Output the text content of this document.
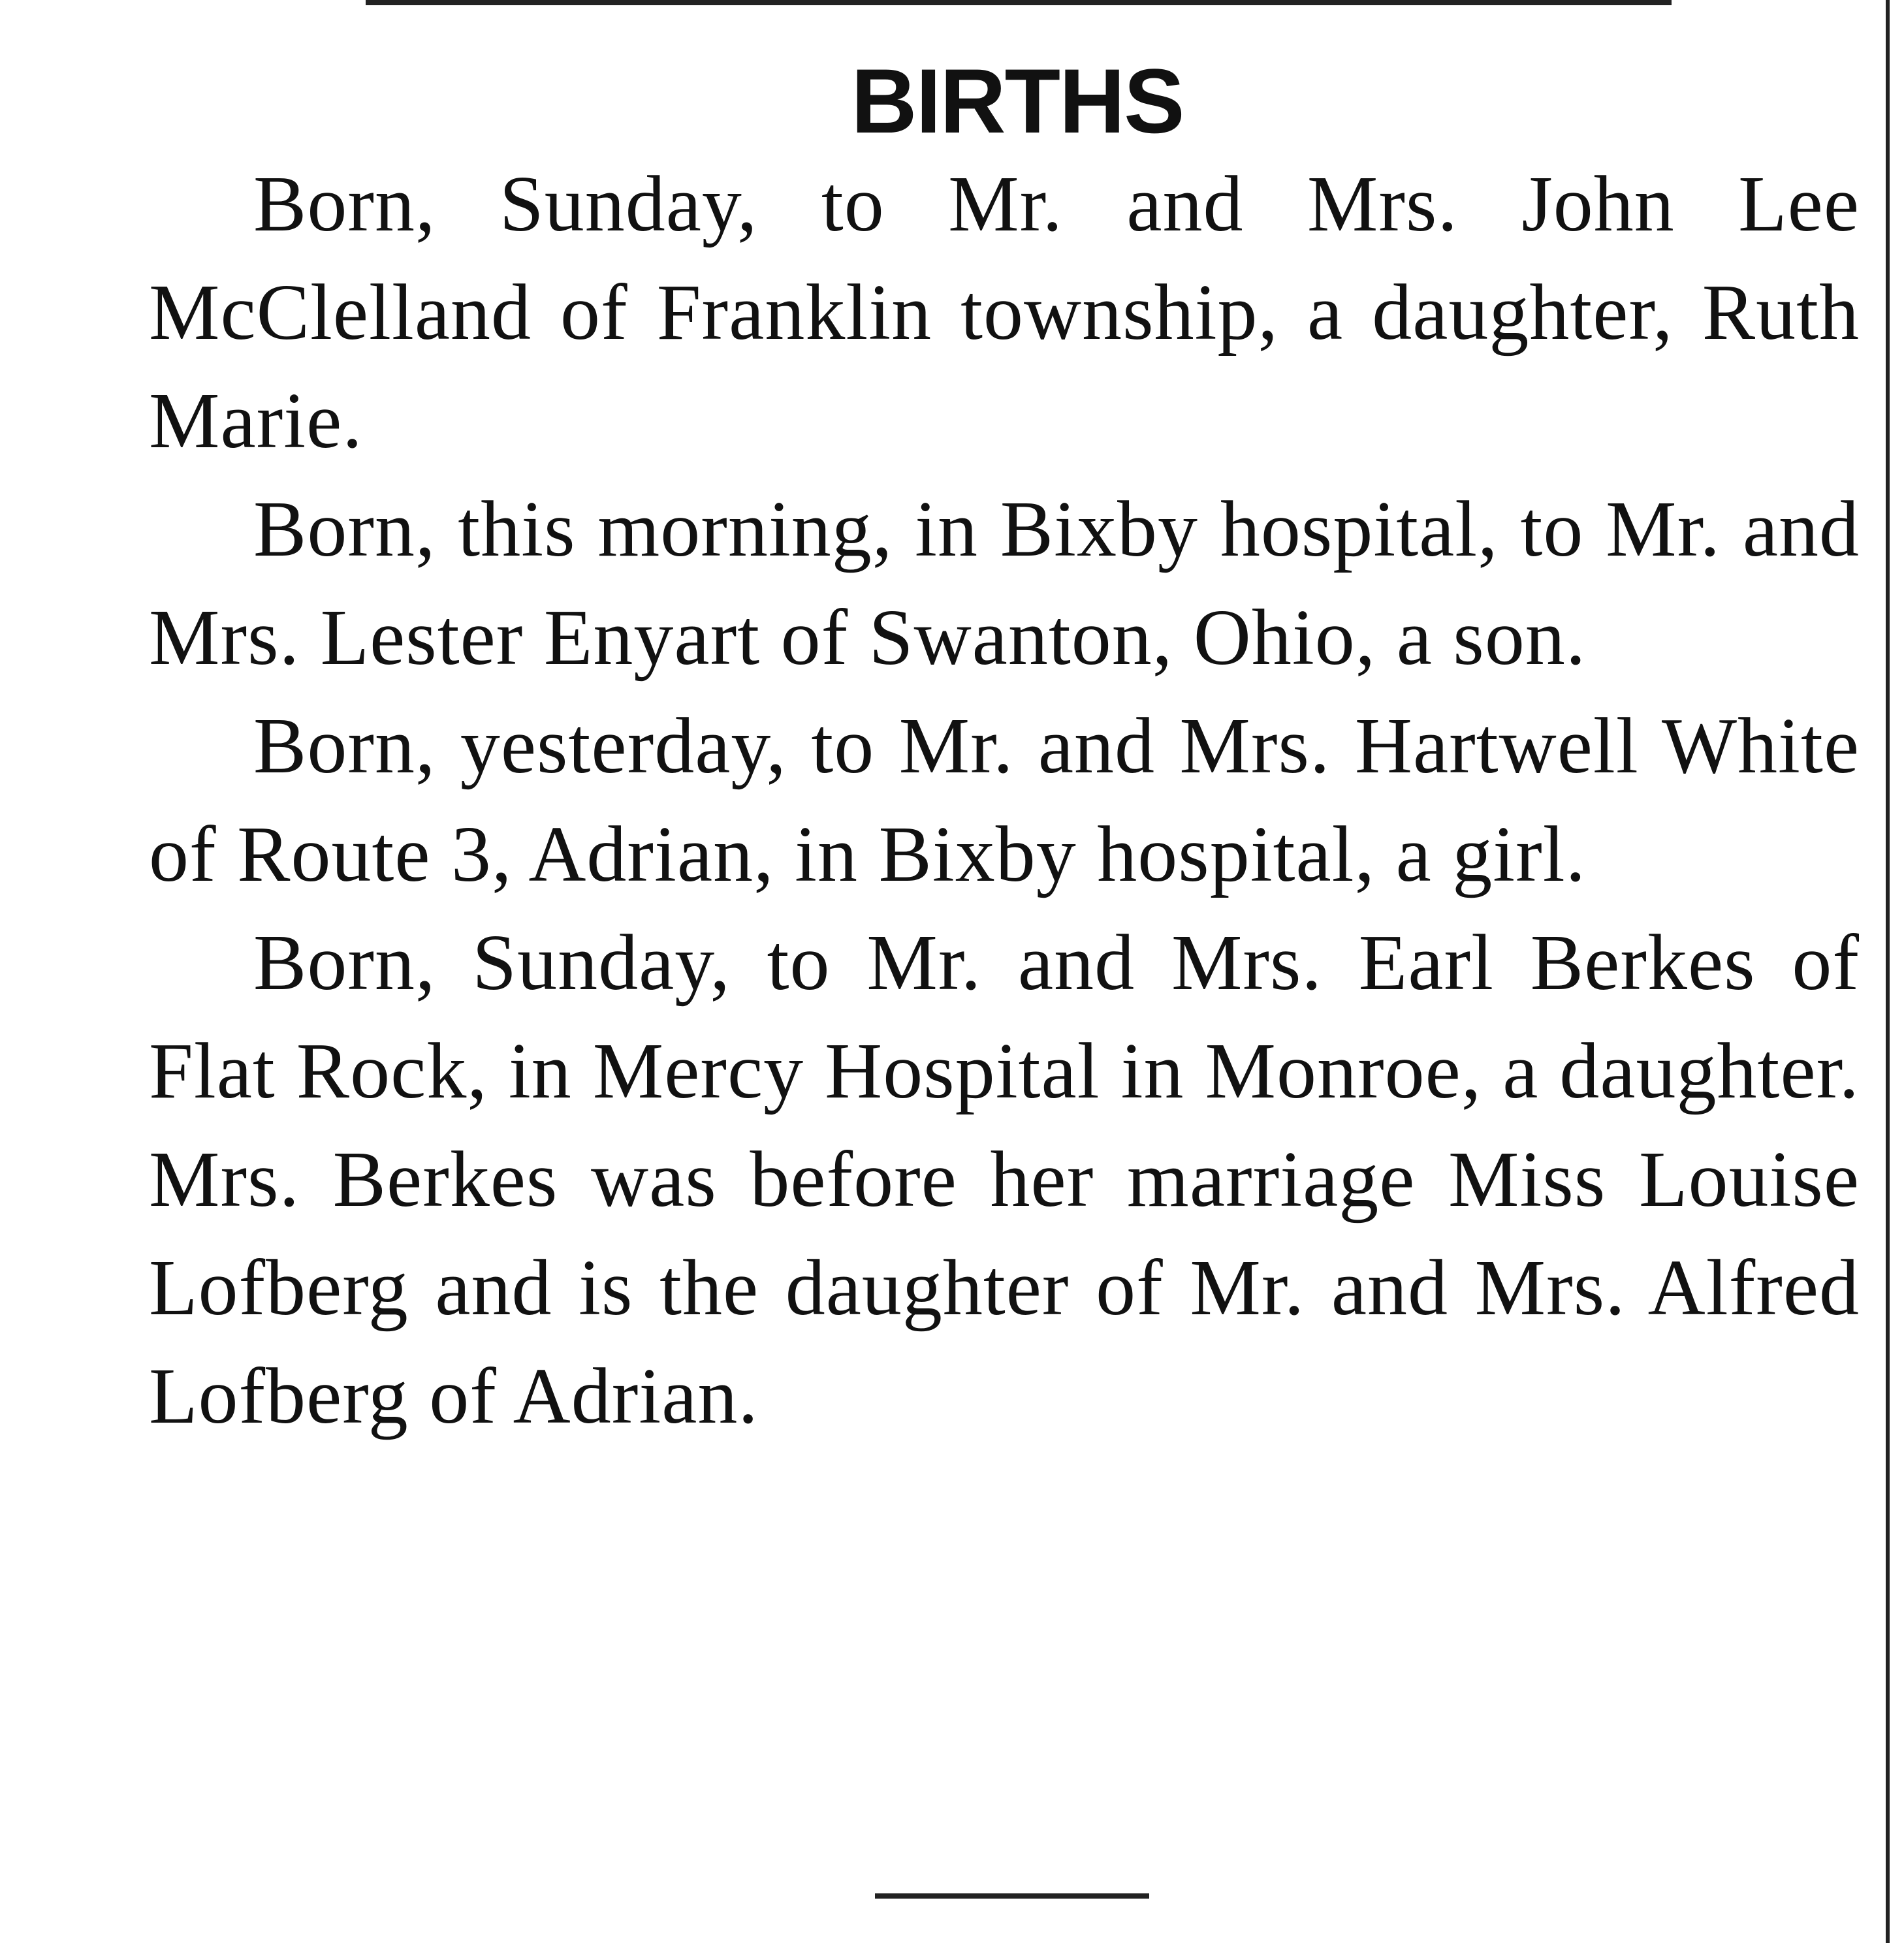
BIRTHS

Born, Sunday, to Mr. and Mrs. John Lee McClelland of Franklin township, a daughter, Ruth Marie.

Born, this morning, in Bixby hospital, to Mr. and Mrs. Lester Enyart of Swanton, Ohio, a son.

Born, yesterday, to Mr. and Mrs. Hartwell White of Route 3, Adrian, in Bixby hospital, a girl.

Born, Sunday, to Mr. and Mrs. Earl Berkes of Flat Rock, in Mercy Hospital in Monroe, a daughter. Mrs. Berkes was before her marriage Miss Louise Lofberg and is the daughter of Mr. and Mrs. Alfred Lofberg of Adrian.
